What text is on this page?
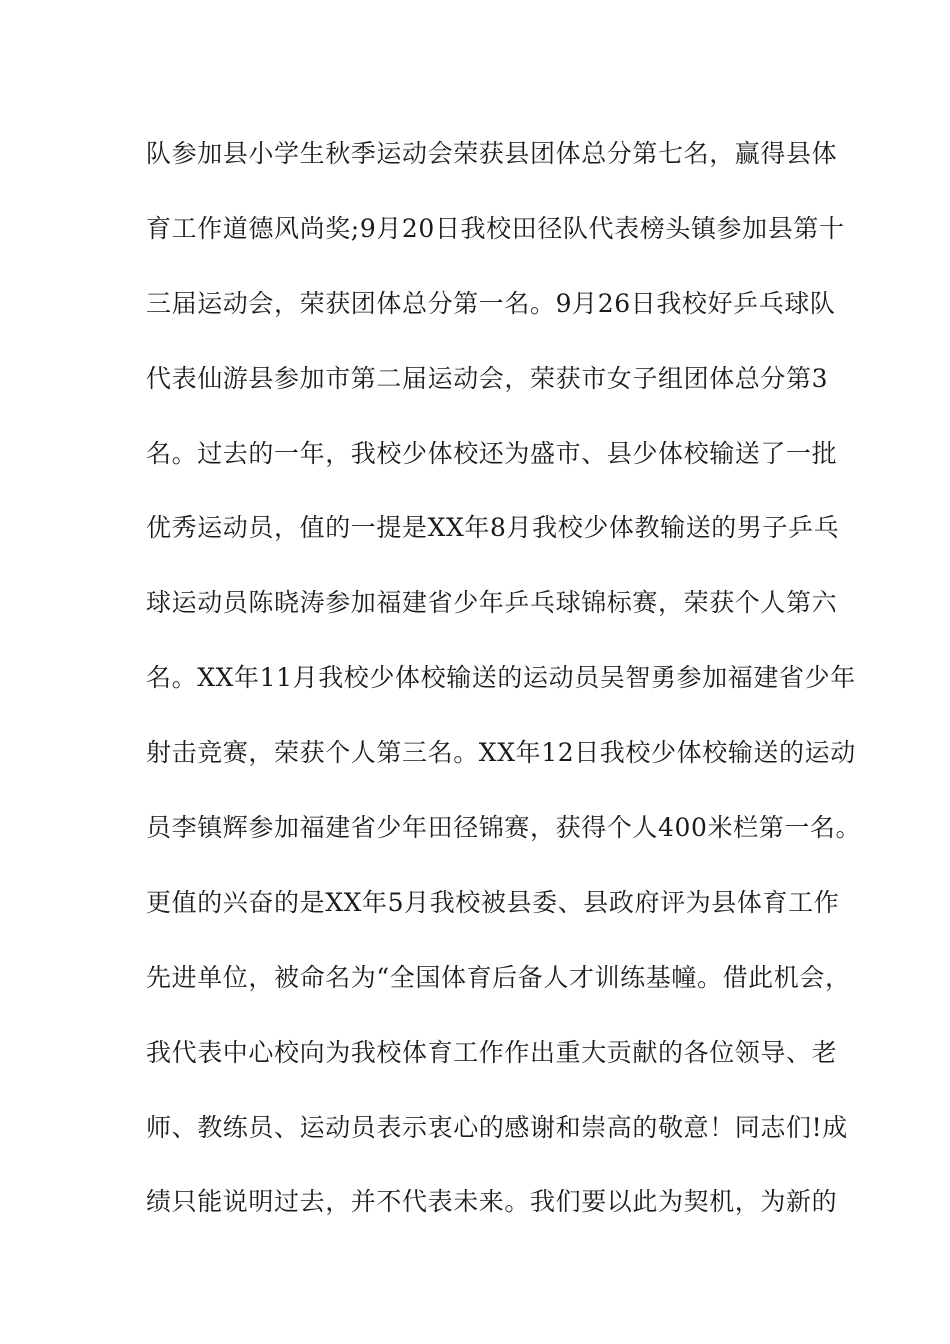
队参加县小学生秋季运动会荣获县团体总分第七名，赢得县体
育工作道德风尚奖;9月20日我校田径队代表榜头镇参加县第十
三届运动会，荣获团体总分第一名。9月26日我校好乒乓球队
代表仙游县参加市第二届运动会，荣获市女子组团体总分第3
名。过去的一年，我校少体校还为盛市、县少体校输送了一批
优秀运动员，值的一提是XX年8月我校少体教输送的男子乒乓
球运动员陈晓涛参加福建省少年乒乓球锦标赛，荣获个人第六
名。XX年11月我校少体校输送的运动员吴智勇参加福建省少年
射击竞赛，荣获个人第三名。XX年12日我校少体校输送的运动
员李镇辉参加福建省少年田径锦赛，获得个人400米栏第一名。
更值的兴奋的是XX年5月我校被县委、县政府评为县体育工作
先进单位，被命名为“全国体育后备人才训练基幢。借此机会，
我代表中心校向为我校体育工作作出重大贡献的各位领导、老
师、教练员、运动员表示衷心的感谢和崇高的敬意！同志们!成
绩只能说明过去，并不代表未来。我们要以此为契机，为新的
